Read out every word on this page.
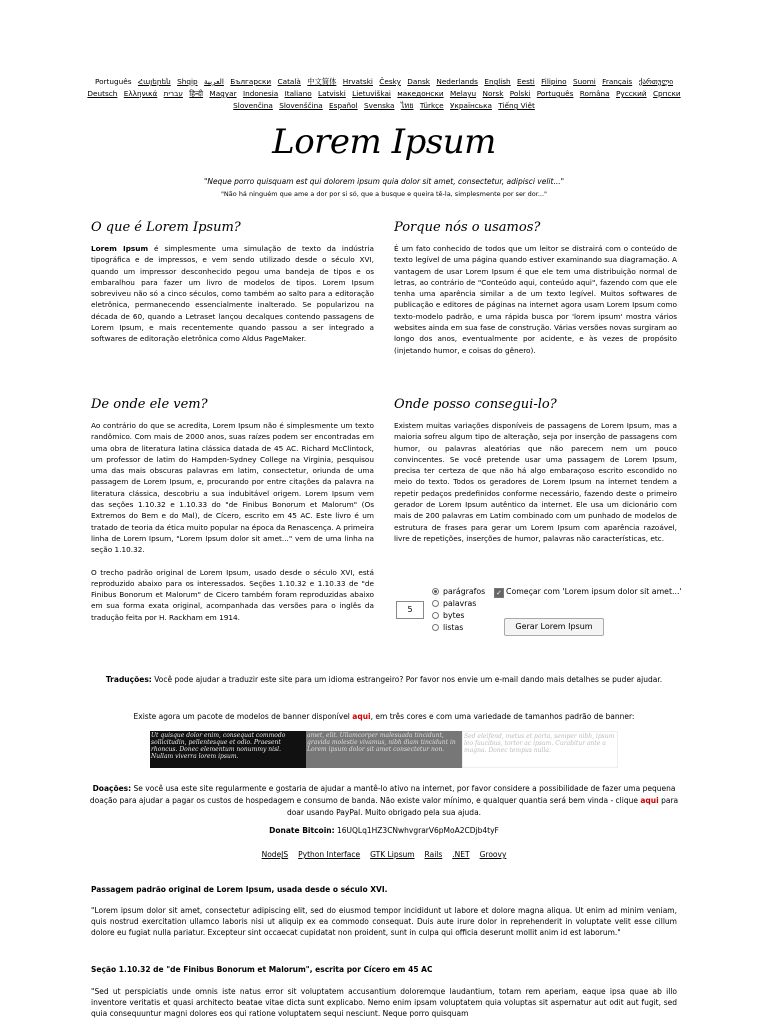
Português Հայերեն Shqip العربية Български Català 中文简体 Hrvatski Česky Dansk Nederlands English Eesti Filipino Suomi Français ქართული Deutsch Ελληνικά עברית हिन्दी Magyar Indonesia Italiano Latviski Lietuviškai македонски Melayu Norsk Polski Português Româna Pyccкий Српски Slovenčina Slovenščina Español Svenska ไทย Türkçe Українська Tiếng Việt
Lorem Ipsum
"Neque porro quisquam est qui dolorem ipsum quia dolor sit amet, consectetur, adipisci velit..."
"Não há ninguém que ame a dor por si só, que a busque e queira tê-la, simplesmente por ser dor..."
O que é Lorem Ipsum?

Lorem Ipsum é simplesmente uma simulação de texto da indústria tipográfica e de impressos, e vem sendo utilizado desde o século XVI, quando um impressor desconhecido pegou uma bandeja de tipos e os embaralhou para fazer um livro de modelos de tipos. Lorem Ipsum sobreviveu não só a cinco séculos, como também ao salto para a editoração eletrônica, permanecendo essencialmente inalterado. Se popularizou na década de 60, quando a Letraset lançou decalques contendo passagens de Lorem Ipsum, e mais recentemente quando passou a ser integrado a softwares de editoração eletrônica como Aldus PageMaker.

Porque nós o usamos?

É um fato conhecido de todos que um leitor se distrairá com o conteúdo de texto legível de uma página quando estiver examinando sua diagramação. A vantagem de usar Lorem Ipsum é que ele tem uma distribuição normal de letras, ao contrário de "Conteúdo aqui, conteúdo aqui", fazendo com que ele tenha uma aparência similar a de um texto legível. Muitos softwares de publicação e editores de páginas na internet agora usam Lorem Ipsum como texto-modelo padrão, e uma rápida busca por 'lorem ipsum' mostra vários websites ainda em sua fase de construção. Várias versões novas surgiram ao longo dos anos, eventualmente por acidente, e às vezes de propósito (injetando humor, e coisas do gênero).

De onde ele vem?

Ao contrário do que se acredita, Lorem Ipsum não é simplesmente um texto randômico. Com mais de 2000 anos, suas raízes podem ser encontradas em uma obra de literatura latina clássica datada de 45 AC. Richard McClintock, um professor de latim do Hampden-Sydney College na Virginia, pesquisou uma das mais obscuras palavras em latim, consectetur, oriunda de uma passagem de Lorem Ipsum, e, procurando por entre citações da palavra na literatura clássica, descobriu a sua indubitável origem. Lorem Ipsum vem das seções 1.10.32 e 1.10.33 do "de Finibus Bonorum et Malorum" (Os Extremos do Bem e do Mal), de Cícero, escrito em 45 AC. Este livro é um tratado de teoria da ética muito popular na época da Renascença. A primeira linha de Lorem Ipsum, "Lorem Ipsum dolor sit amet..." vem de uma linha na seção 1.10.32.

O trecho padrão original de Lorem Ipsum, usado desde o século XVI, está reproduzido abaixo para os interessados. Seções 1.10.32 e 1.10.33 de "de Finibus Bonorum et Malorum" de Cicero também foram reproduzidas abaixo em sua forma exata original, acompanhada das versões para o inglês da tradução feita por H. Rackham em 1914.

Onde posso consegui-lo?

Existem muitas variações disponíveis de passagens de Lorem Ipsum, mas a maioria sofreu algum tipo de alteração, seja por inserção de passagens com humor, ou palavras aleatórias que não parecem nem um pouco convincentes. Se você pretende usar uma passagem de Lorem Ipsum, precisa ter certeza de que não há algo embaraçoso escrito escondido no meio do texto. Todos os geradores de Lorem Ipsum na internet tendem a repetir pedaços predefinidos conforme necessário, fazendo deste o primeiro gerador de Lorem Ipsum autêntico da internet. Ele usa um dicionário com mais de 200 palavras em Latim combinado com um punhado de modelos de estrutura de frases para gerar um Lorem Ipsum com aparência razoável, livre de repetições, inserções de humor, palavras não características, etc.

5
parágrafos
palavras
bytes
listas
✓ Começar com 'Lorem ipsum dolor sit amet...'
Gerar Lorem Ipsum
Traduções: Você pode ajudar a traduzir este site para um idioma estrangeiro? Por favor nos envie um e-mail dando mais detalhes se puder ajudar.
Existe agora um pacote de modelos de banner disponível aqui, em três cores e com uma variedade de tamanhos padrão de banner:
Ut quisque dolor enim, consequat commodo sollicitudin, pellentesque et odio. Praesent rhoncus. Donec elementum nonummy nisl. Nullam viverra lorem ipsum.
amet, elit. Ullamcorper malesuada tincidunt, gravida molestie vivamus, nibh diam tincidunt in Lorem ipsum dolor sit amet consectetur non.
Sed eleifend, metus et porta, semper nibh, ipsum leo faucibus, tortor ac ipsum. Curabitur ante a magna. Donec tempus nulla.
Doações: Se você usa este site regularmente e gostaria de ajudar a mantê-lo ativo na internet, por favor considere a possibilidade de fazer uma pequena doação para ajudar a pagar os custos de hospedagem e consumo de banda. Não existe valor mínimo, e qualquer quantia será bem vinda - clique aqui para doar usando PayPal. Muito obrigado pela sua ajuda.
Donate Bitcoin: 16UQLq1HZ3CNwhvgrarV6pMoA2CDjb4tyF
NodeJS Python Interface GTK Lipsum Rails .NET Groovy

Passagem padrão original de Lorem Ipsum, usada desde o século XVI.

"Lorem ipsum dolor sit amet, consectetur adipiscing elit, sed do eiusmod tempor incididunt ut labore et dolore magna aliqua. Ut enim ad minim veniam, quis nostrud exercitation ullamco laboris nisi ut aliquip ex ea commodo consequat. Duis aute irure dolor in reprehenderit in voluptate velit esse cillum dolore eu fugiat nulla pariatur. Excepteur sint occaecat cupidatat non proident, sunt in culpa qui officia deserunt mollit anim id est laborum."

Seção 1.10.32 de "de Finibus Bonorum et Malorum", escrita por Cícero em 45 AC

"Sed ut perspiciatis unde omnis iste natus error sit voluptatem accusantium doloremque laudantium, totam rem aperiam, eaque ipsa quae ab illo inventore veritatis et quasi architecto beatae vitae dicta sunt explicabo. Nemo enim ipsam voluptatem quia voluptas sit aspernatur aut odit aut fugit, sed quia consequuntur magni dolores eos qui ratione voluptatem sequi nesciunt. Neque porro quisquam
